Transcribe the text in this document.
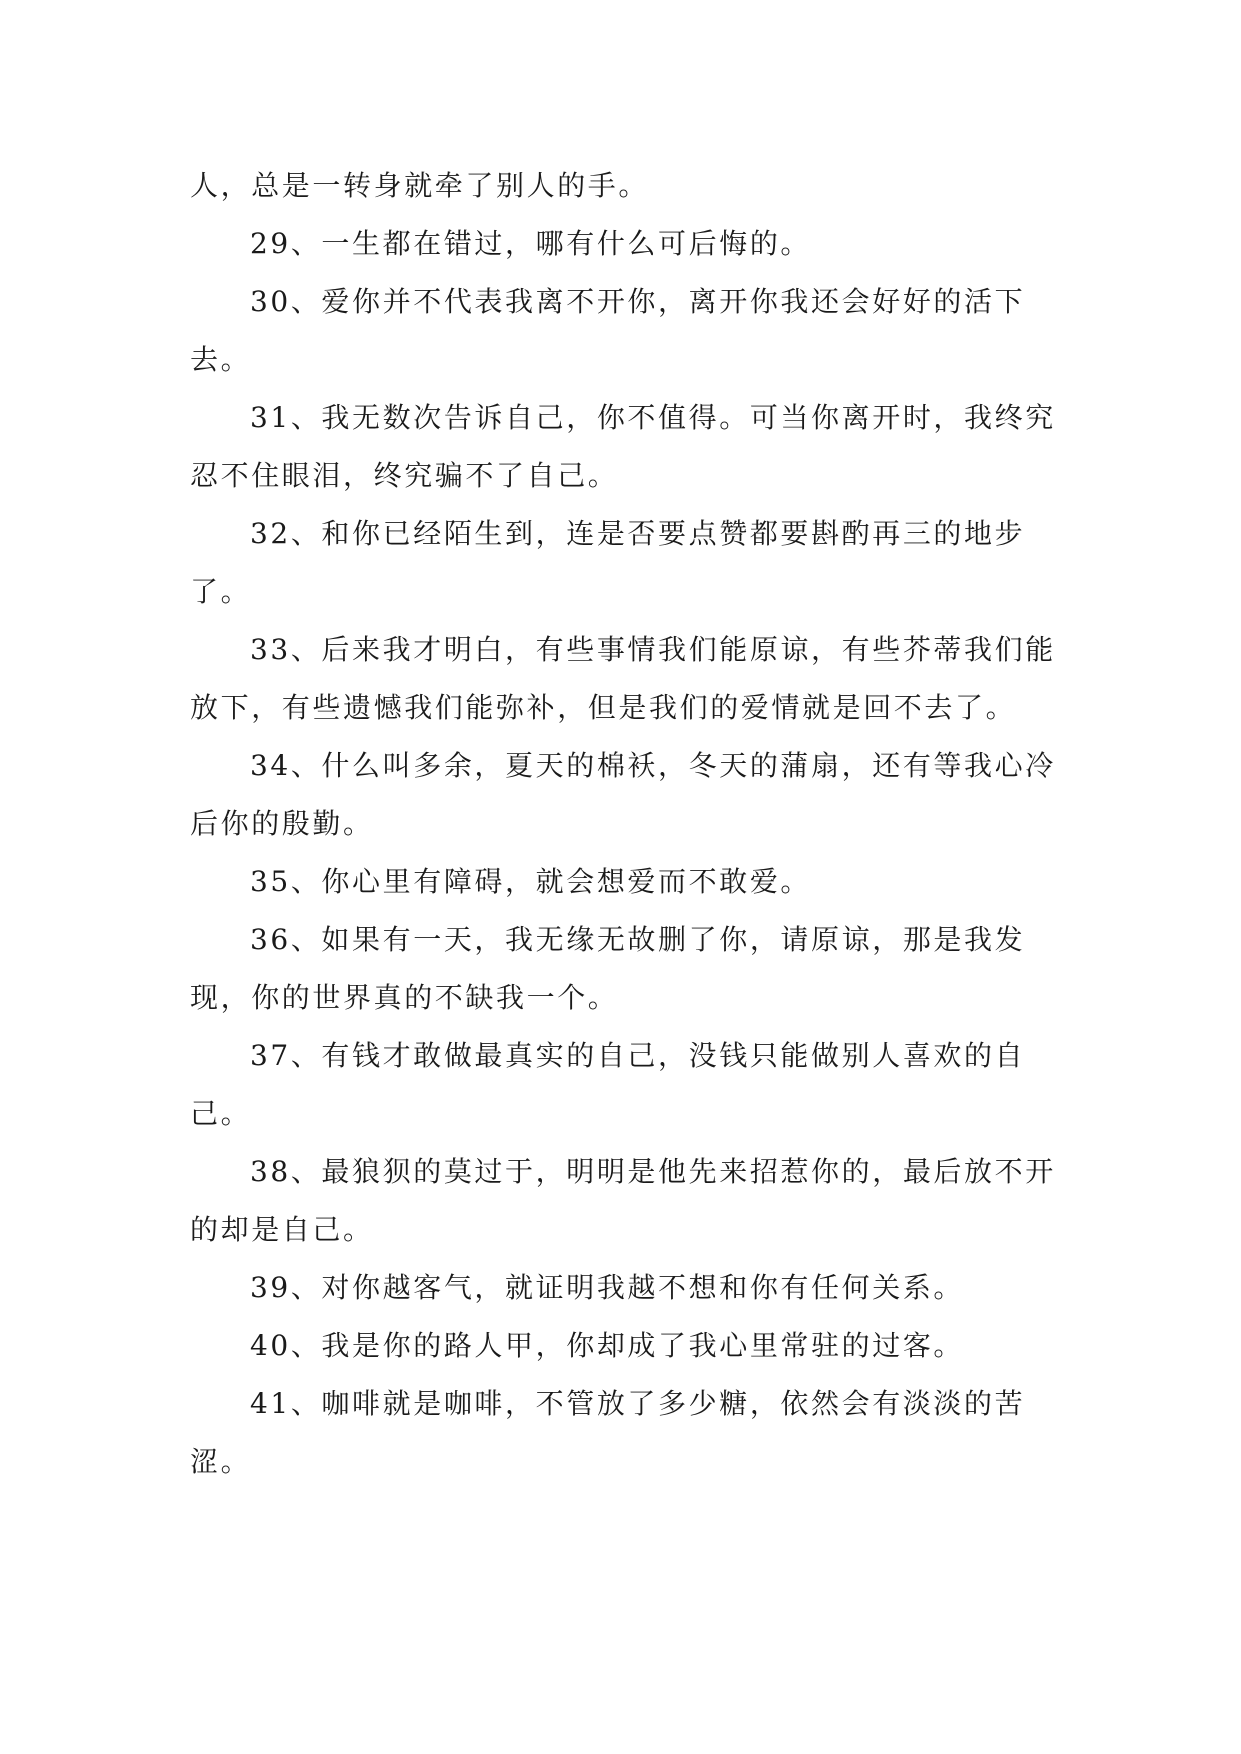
人，总是一转身就牵了别人的手。

29、一生都在错过，哪有什么可后悔的。

30、爱你并不代表我离不开你，离开你我还会好好的活下去。

31、我无数次告诉自己，你不值得。可当你离开时，我终究忍不住眼泪，终究骗不了自己。

32、和你已经陌生到，连是否要点赞都要斟酌再三的地步了。

33、后来我才明白，有些事情我们能原谅，有些芥蒂我们能放下，有些遗憾我们能弥补，但是我们的爱情就是回不去了。

34、什么叫多余，夏天的棉袄，冬天的蒲扇，还有等我心冷后你的殷勤。

35、你心里有障碍，就会想爱而不敢爱。

36、如果有一天，我无缘无故删了你，请原谅，那是我发现，你的世界真的不缺我一个。

37、有钱才敢做最真实的自己，没钱只能做别人喜欢的自己。

38、最狼狈的莫过于，明明是他先来招惹你的，最后放不开的却是自己。

39、对你越客气，就证明我越不想和你有任何关系。

40、我是你的路人甲，你却成了我心里常驻的过客。

41、咖啡就是咖啡，不管放了多少糖，依然会有淡淡的苦涩。
